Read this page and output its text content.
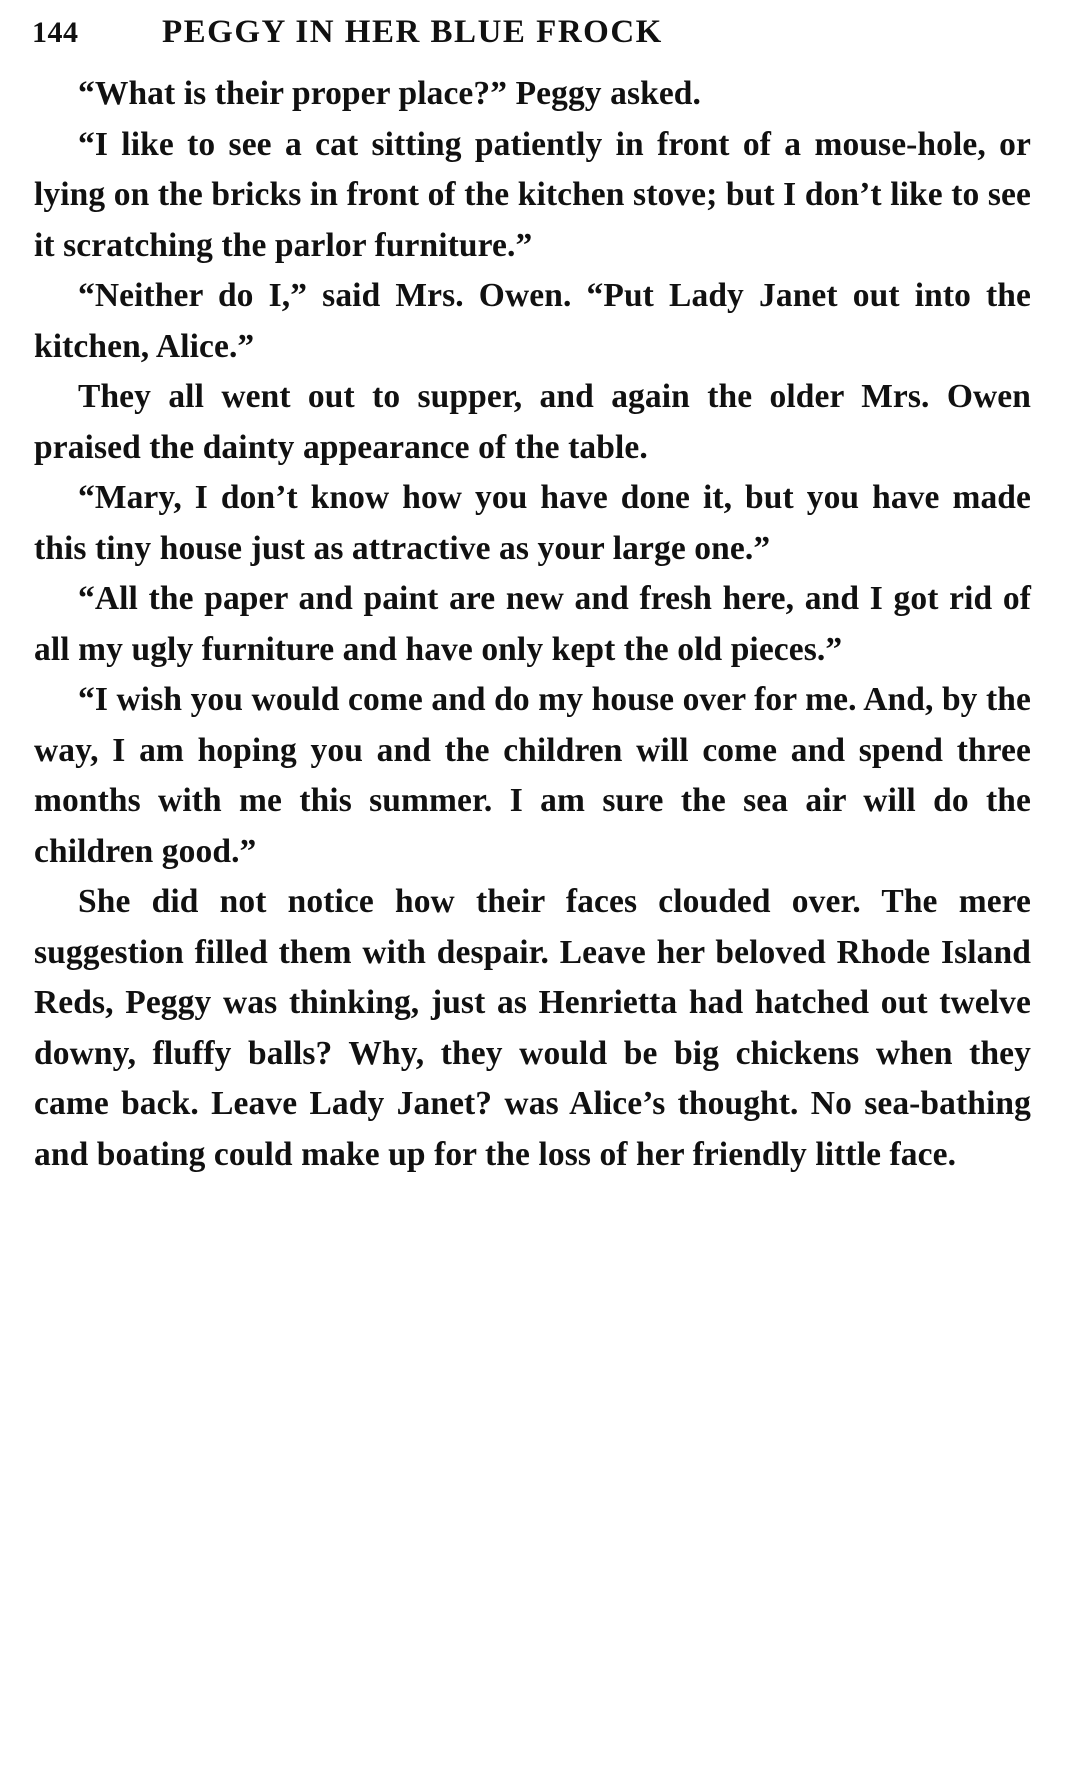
144	PEGGY IN HER BLUE FROCK

“What is their proper place?” Peggy asked.

“I like to see a cat sitting patiently in front of a mouse-hole, or lying on the bricks in front of the kitchen stove; but I don’t like to see it scratching the parlor furniture.”

“Neither do I,” said Mrs. Owen. “Put Lady Janet out into the kitchen, Alice.”

They all went out to supper, and again the older Mrs. Owen praised the dainty appearance of the table.

“Mary, I don’t know how you have done it, but you have made this tiny house just as attractive as your large one.”

“All the paper and paint are new and fresh here, and I got rid of all my ugly furniture and have only kept the old pieces.”

“I wish you would come and do my house over for me. And, by the way, I am hoping you and the children will come and spend three months with me this summer. I am sure the sea air will do the children good.”

She did not notice how their faces clouded over. The mere suggestion filled them with despair. Leave her beloved Rhode Island Reds, Peggy was thinking, just as Henrietta had hatched out twelve downy, fluffy balls? Why, they would be big chickens when they came back. Leave Lady Janet? was Alice’s thought. No sea-bathing and boating could make up for the loss of her friendly little face.
